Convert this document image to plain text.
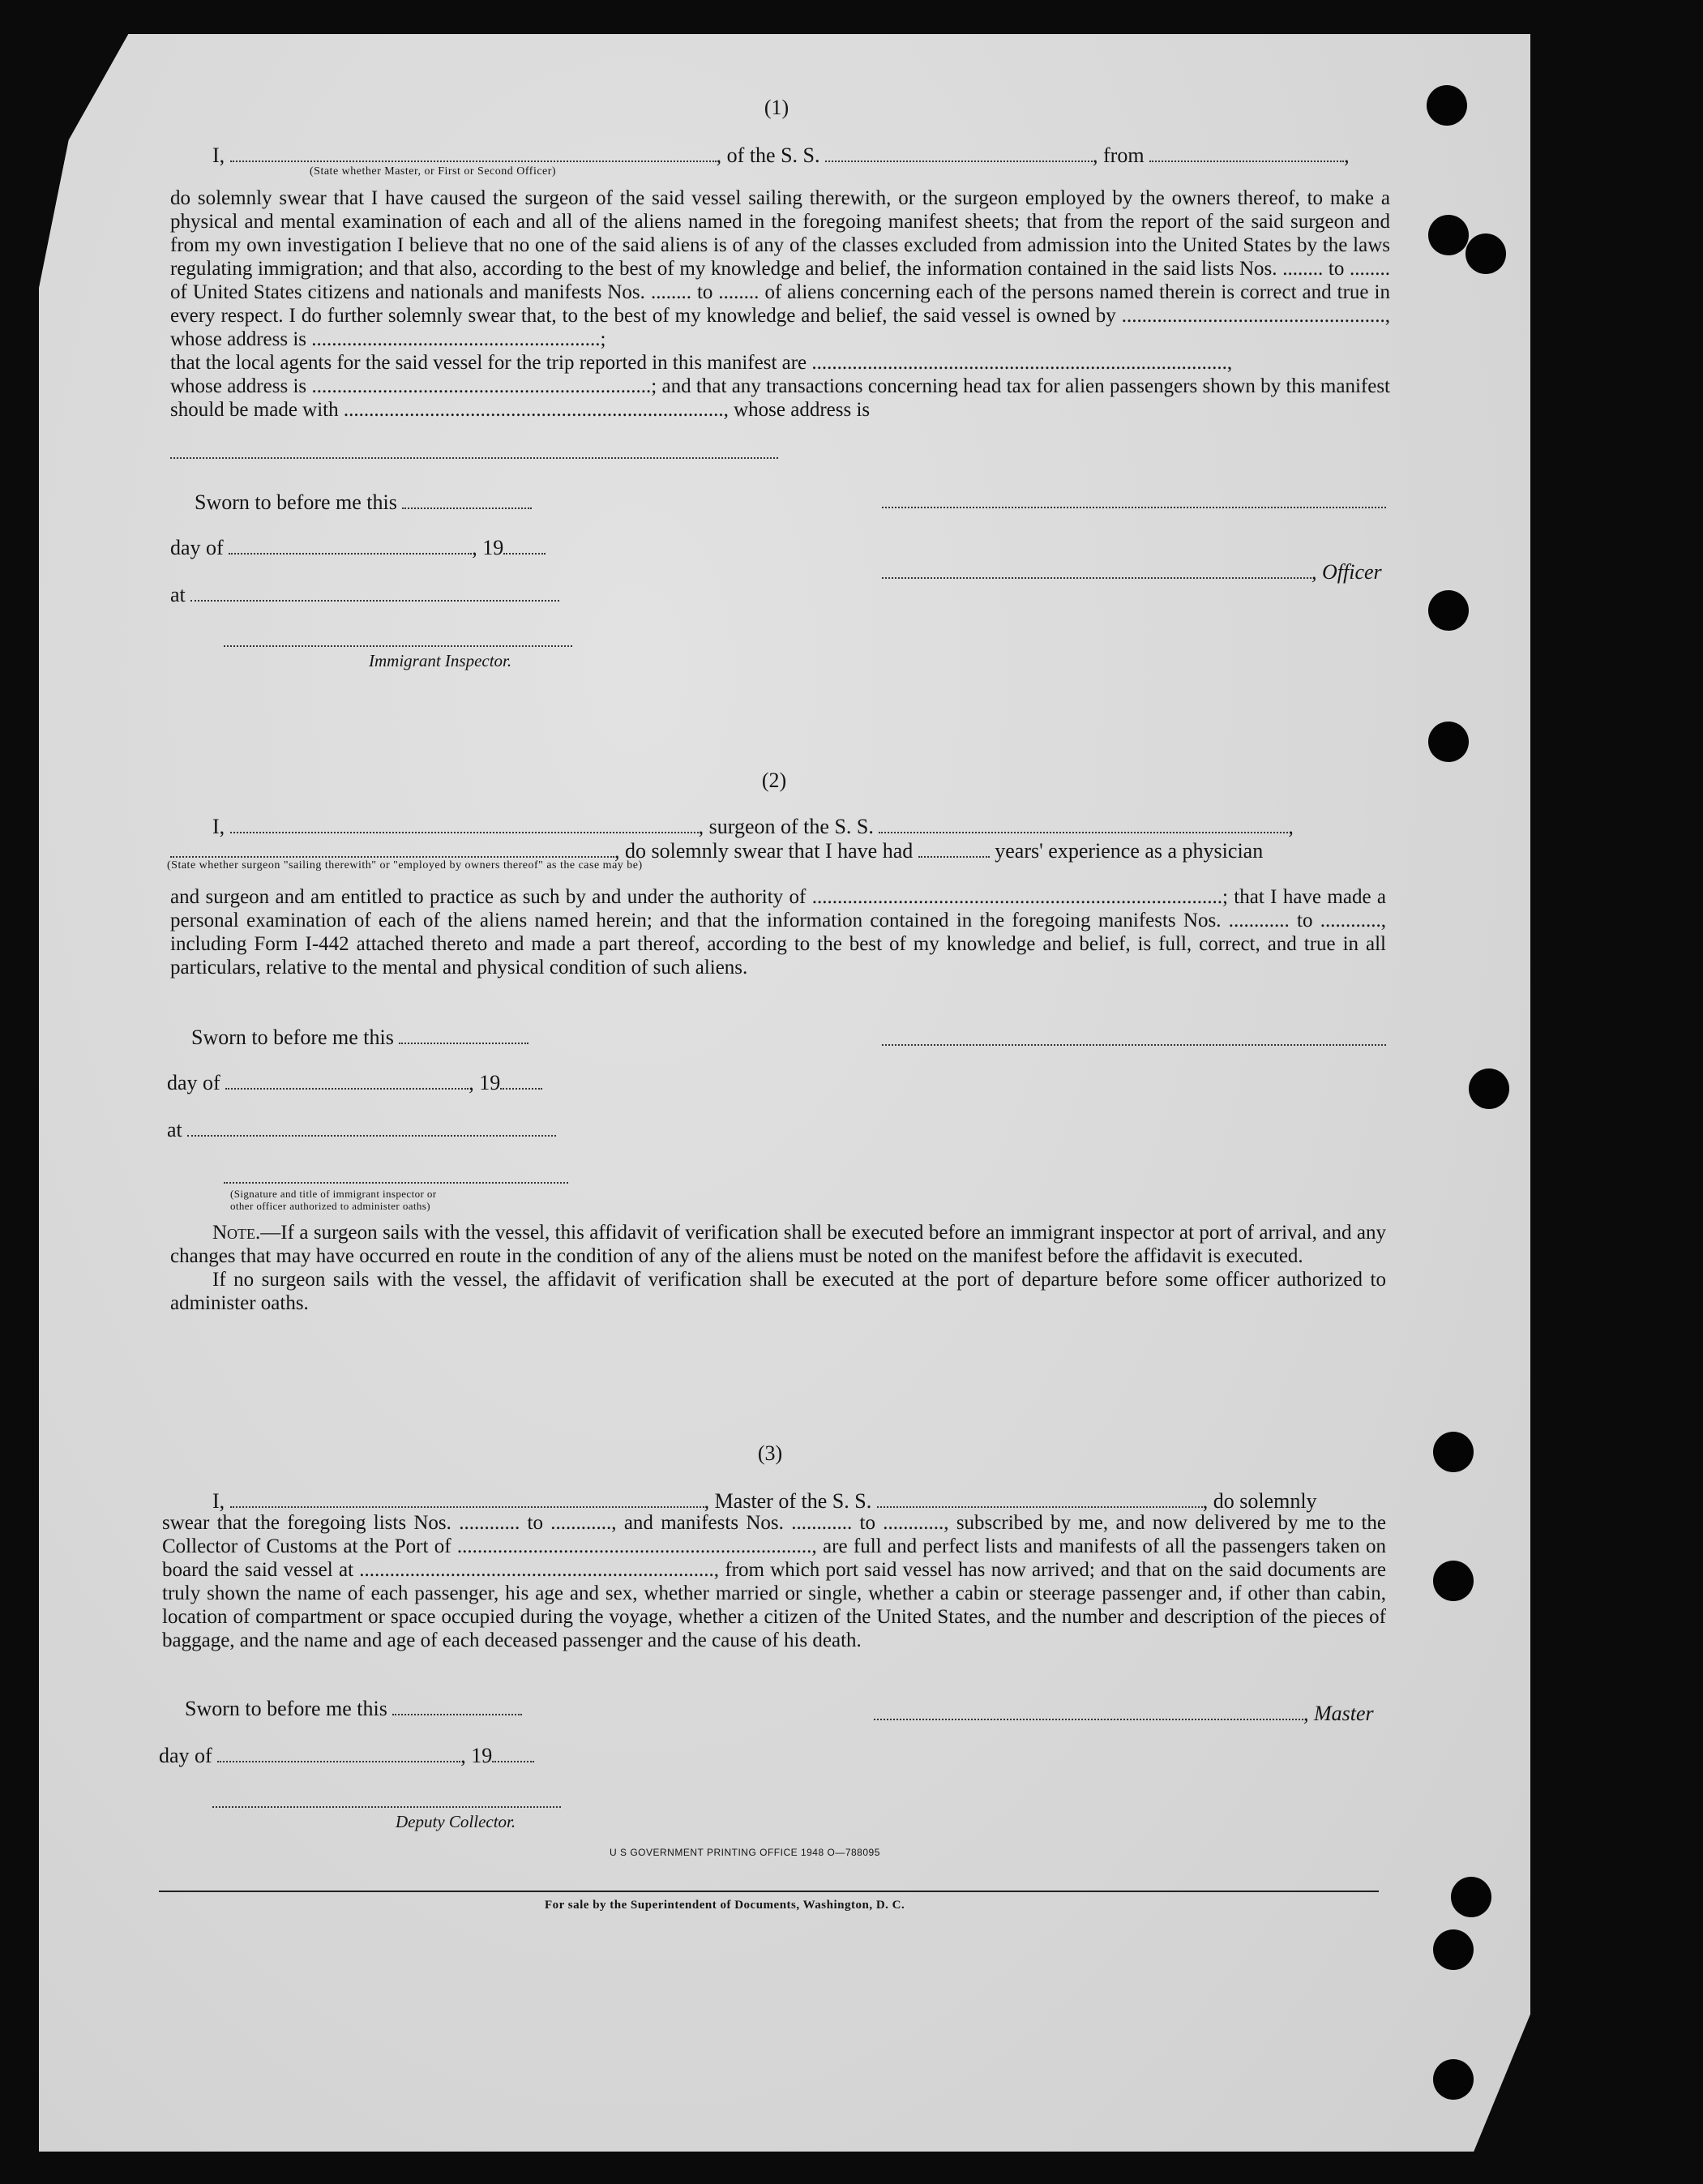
(1)
I,	, of the S. S.	, from	,
(State whether Master, or First or Second Officer)

do solemnly swear that I have caused the surgeon of the said vessel sailing therewith, or the surgeon employed by the owners thereof, to make a physical and mental examination of each and all of the aliens named in the foregoing manifest sheets; that from the report of the said surgeon and from my own investigation I believe that no one of the said aliens is of any of the classes excluded from admission into the United States by the laws regulating immigration; and that also, according to the best of my knowledge and belief, the information contained in the said lists Nos. ........ to ........ of United States citizens and nationals and manifests Nos. ........ to ........ of aliens concerning each of the persons named therein is correct and true in every respect. I do further solemnly swear that, to the best of my knowledge and belief, the said vessel is owned by ...................................................., whose address is .........................................................;

that the local agents for the said vessel for the trip reported in this manifest are ..................................................................................,

whose address is ...................................................................; and that any transactions concerning head tax for alien passengers shown by this manifest should be made with ..........................................................................., whose address is

Sworn to before me this
day of	, 19
, Officer
at
Immigrant Inspector.
(2)
I,	, surgeon of the S. S.	,
, do solemnly swear that I have had	years' experience as a physician
(State whether surgeon "sailing therewith" or "employed by owners thereof" as the case may be)

and surgeon and am entitled to practice as such by and under the authority of .................................................................................; that I have made a personal examination of each of the aliens named herein; and that the information contained in the foregoing manifests Nos. ............ to ............, including Form I-442 attached thereto and made a part thereof, according to the best of my knowledge and belief, is full, correct, and true in all particulars, relative to the mental and physical condition of such aliens.

Sworn to before me this
day of	, 19
at
(Signature and title of immigrant inspector or
other officer authorized to administer oaths)

Note.—If a surgeon sails with the vessel, this affidavit of verification shall be executed before an immigrant inspector at port of arrival, and any changes that may have occurred en route in the condition of any of the aliens must be noted on the manifest before the affidavit is executed.

If no surgeon sails with the vessel, the affidavit of verification shall be executed at the port of departure before some officer authorized to administer oaths.

(3)
I,	, Master of the S. S.	, do solemnly

swear that the foregoing lists Nos. ............ to ............, and manifests Nos. ............ to ............, subscribed by me, and now delivered by me to the Collector of Customs at the Port of ......................................................................, are full and perfect lists and manifests of all the passengers taken on board the said vessel at ......................................................................, from which port said vessel has now arrived; and that on the said documents are truly shown the name of each passenger, his age and sex, whether married or single, whether a cabin or steerage passenger and, if other than cabin, location of compartment or space occupied during the voyage, whether a citizen of the United States, and the number and description of the pieces of baggage, and the name and age of each deceased passenger and the cause of his death.

Sworn to before me this	, Master
day of	, 19
Deputy Collector.
U S GOVERNMENT PRINTING OFFICE 1948 O—788095
For sale by the Superintendent of Documents, Washington, D. C.
